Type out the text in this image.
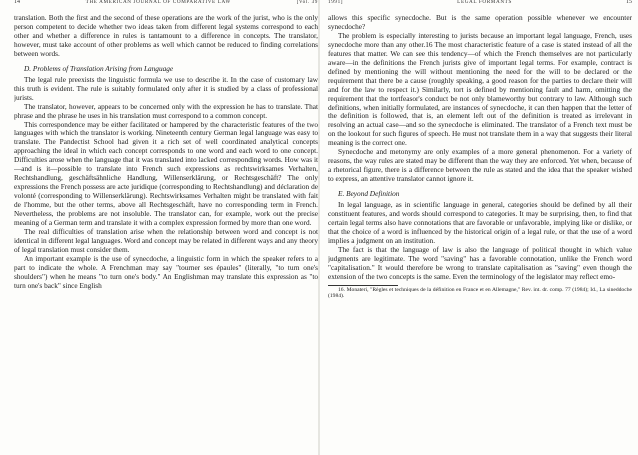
14	THE AMERICAN JOURNAL OF COMPARATIVE LAW	[Vol. 39

translation. Both the first and the second of these operations are the work of the jurist, who is the only person competent to decide whether two ideas taken from different legal systems correspond to each other and whether a difference in rules is tantamount to a difference in concepts. The translator, however, must take account of other problems as well which cannot be reduced to finding correlations between words.

D. Problems of Translation Arising from Language

The legal rule preexists the linguistic formula we use to describe it. In the case of customary law this truth is evident. The rule is suitably formulated only after it is studied by a class of professional jurists.

The translator, however, appears to be concerned only with the expression he has to translate. That phrase and the phrase he uses in his translation must correspond to a common concept.

This correspondence may be either facilitated or hampered by the characteristic features of the two languages with which the translator is working. Nineteenth century German legal language was easy to translate. The Pandectist School had given it a rich set of well coordinated analytical concepts approaching the ideal in which each concept corresponds to one word and each word to one concept. Difficulties arose when the language that it was translated into lacked corresponding words. How was it—and is it—possible to translate into French such expressions as rechtswirksames Verhalten, Rechtshandlung, geschäftsähnliche Handlung, Willenserklärung, or Rechtsgeschäft? The only expressions the French possess are acte juridique (corresponding to Rechtshandlung) and déclaration de volonté (corresponding to Willenserklärung). Rechtswirksames Verhalten might be translated with fait de l'homme, but the other terms, above all Rechtsgeschäft, have no corresponding term in French. Nevertheless, the problems are not insoluble. The translator can, for example, work out the precise meaning of a German term and translate it with a complex expression formed by more than one word.

The real difficulties of translation arise when the relationship between word and concept is not identical in different legal languages. Word and concept may be related in different ways and any theory of legal translation must consider them.

An important example is the use of synecdoche, a linguistic form in which the speaker refers to a part to indicate the whole. A Frenchman may say "tourner ses épaules" (literally, "to turn one's shoulders") when he means "to turn one's body." An Englishman may translate this expression as "to turn one's back" since English

1991]	LEGAL FORMANTS	15

allows this specific synecdoche. But is the same operation possible whenever we encounter synecdoche?

The problem is especially interesting to jurists because an important legal language, French, uses synecdoche more than any other.16 The most characteristic feature of a case is stated instead of all the features that matter. We can see this tendency—of which the French themselves are not particularly aware—in the definitions the French jurists give of important legal terms. For example, contract is defined by mentioning the will without mentioning the need for the will to be declared or the requirement that there be a cause (roughly speaking, a good reason for the parties to declare their will and for the law to respect it.) Similarly, tort is defined by mentioning fault and harm, omitting the requirement that the tortfeasor's conduct be not only blameworthy but contrary to law. Although such definitions, when initially formulated, are instances of synecdoche, it can then happen that the letter of the definition is followed, that is, an element left out of the definition is treated as irrelevant in resolving an actual case—and so the synecdoche is eliminated. The translator of a French text must be on the lookout for such figures of speech. He must not translate them in a way that suggests their literal meaning is the correct one.

Synecdoche and metonymy are only examples of a more general phenomenon. For a variety of reasons, the way rules are stated may be different than the way they are enforced. Yet when, because of a rhetorical figure, there is a difference between the rule as stated and the idea that the speaker wished to express, an attentive translator cannot ignore it.

E. Beyond Definition

In legal language, as in scientific language in general, categories should be defined by all their constituent features, and words should correspond to categories. It may be surprising, then, to find that certain legal terms also have connotations that are favorable or unfavorable, implying like or dislike, or that the choice of a word is influenced by the historical origin of a legal rule, or that the use of a word implies a judgment on an institution.

The fact is that the language of law is also the language of political thought in which value judgments are legitimate. The word "saving" has a favorable connotation, unlike the French word "capitalisation." It would therefore be wrong to translate capitalisation as "saving" even though the extension of the two concepts is the same. Even the terminology of the legislator may reflect emo-

16. Monateri, "Règles et techniques de la définition en France et en Allemagne," Rev. int. dr. comp. 77 (1984); Id., La sineddoche (1984).
